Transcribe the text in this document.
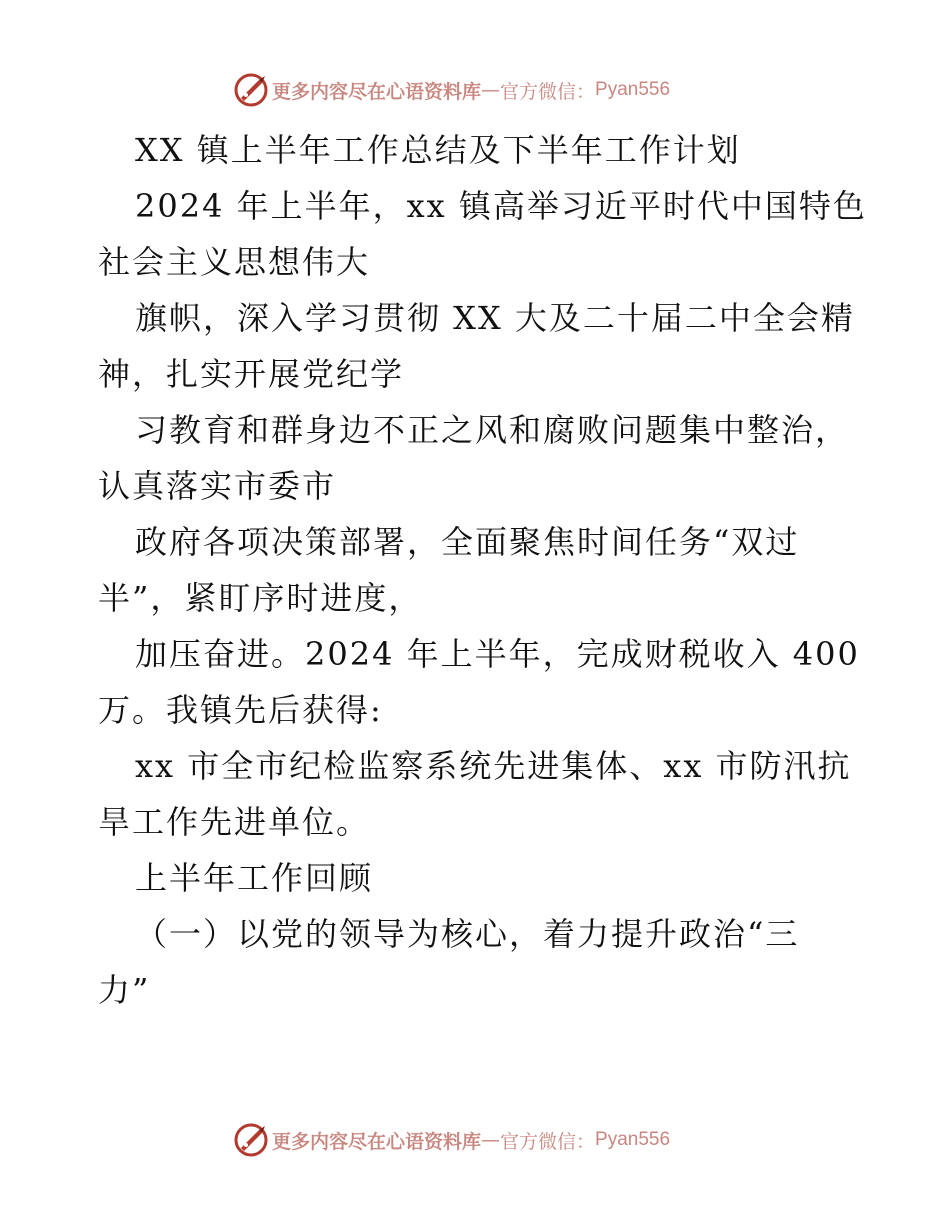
更多内容尽在心语资料库 — 官方微信： Pyan556
XX 镇上半年工作总结及下半年工作计划
2024 年上半年，xx 镇高举习近平时代中国特色
社会主义思想伟大
旗帜，深入学习贯彻 XX 大及二十届二中全会精
神，扎实开展党纪学
习教育和群身边不正之风和腐败问题集中整治，
认真落实市委市
政府各项决策部署，全面聚焦时间任务“双过
半”，紧盯序时进度，
加压奋进。2024 年上半年，完成财税收入 400
万。我镇先后获得:
xx 市全市纪检监察系统先进集体、xx 市防汛抗
旱工作先进单位。
上半年工作回顾
（一）以党的领导为核心，着力提升政治“三
力”
更多内容尽在心语资料库 — 官方微信： Pyan556
